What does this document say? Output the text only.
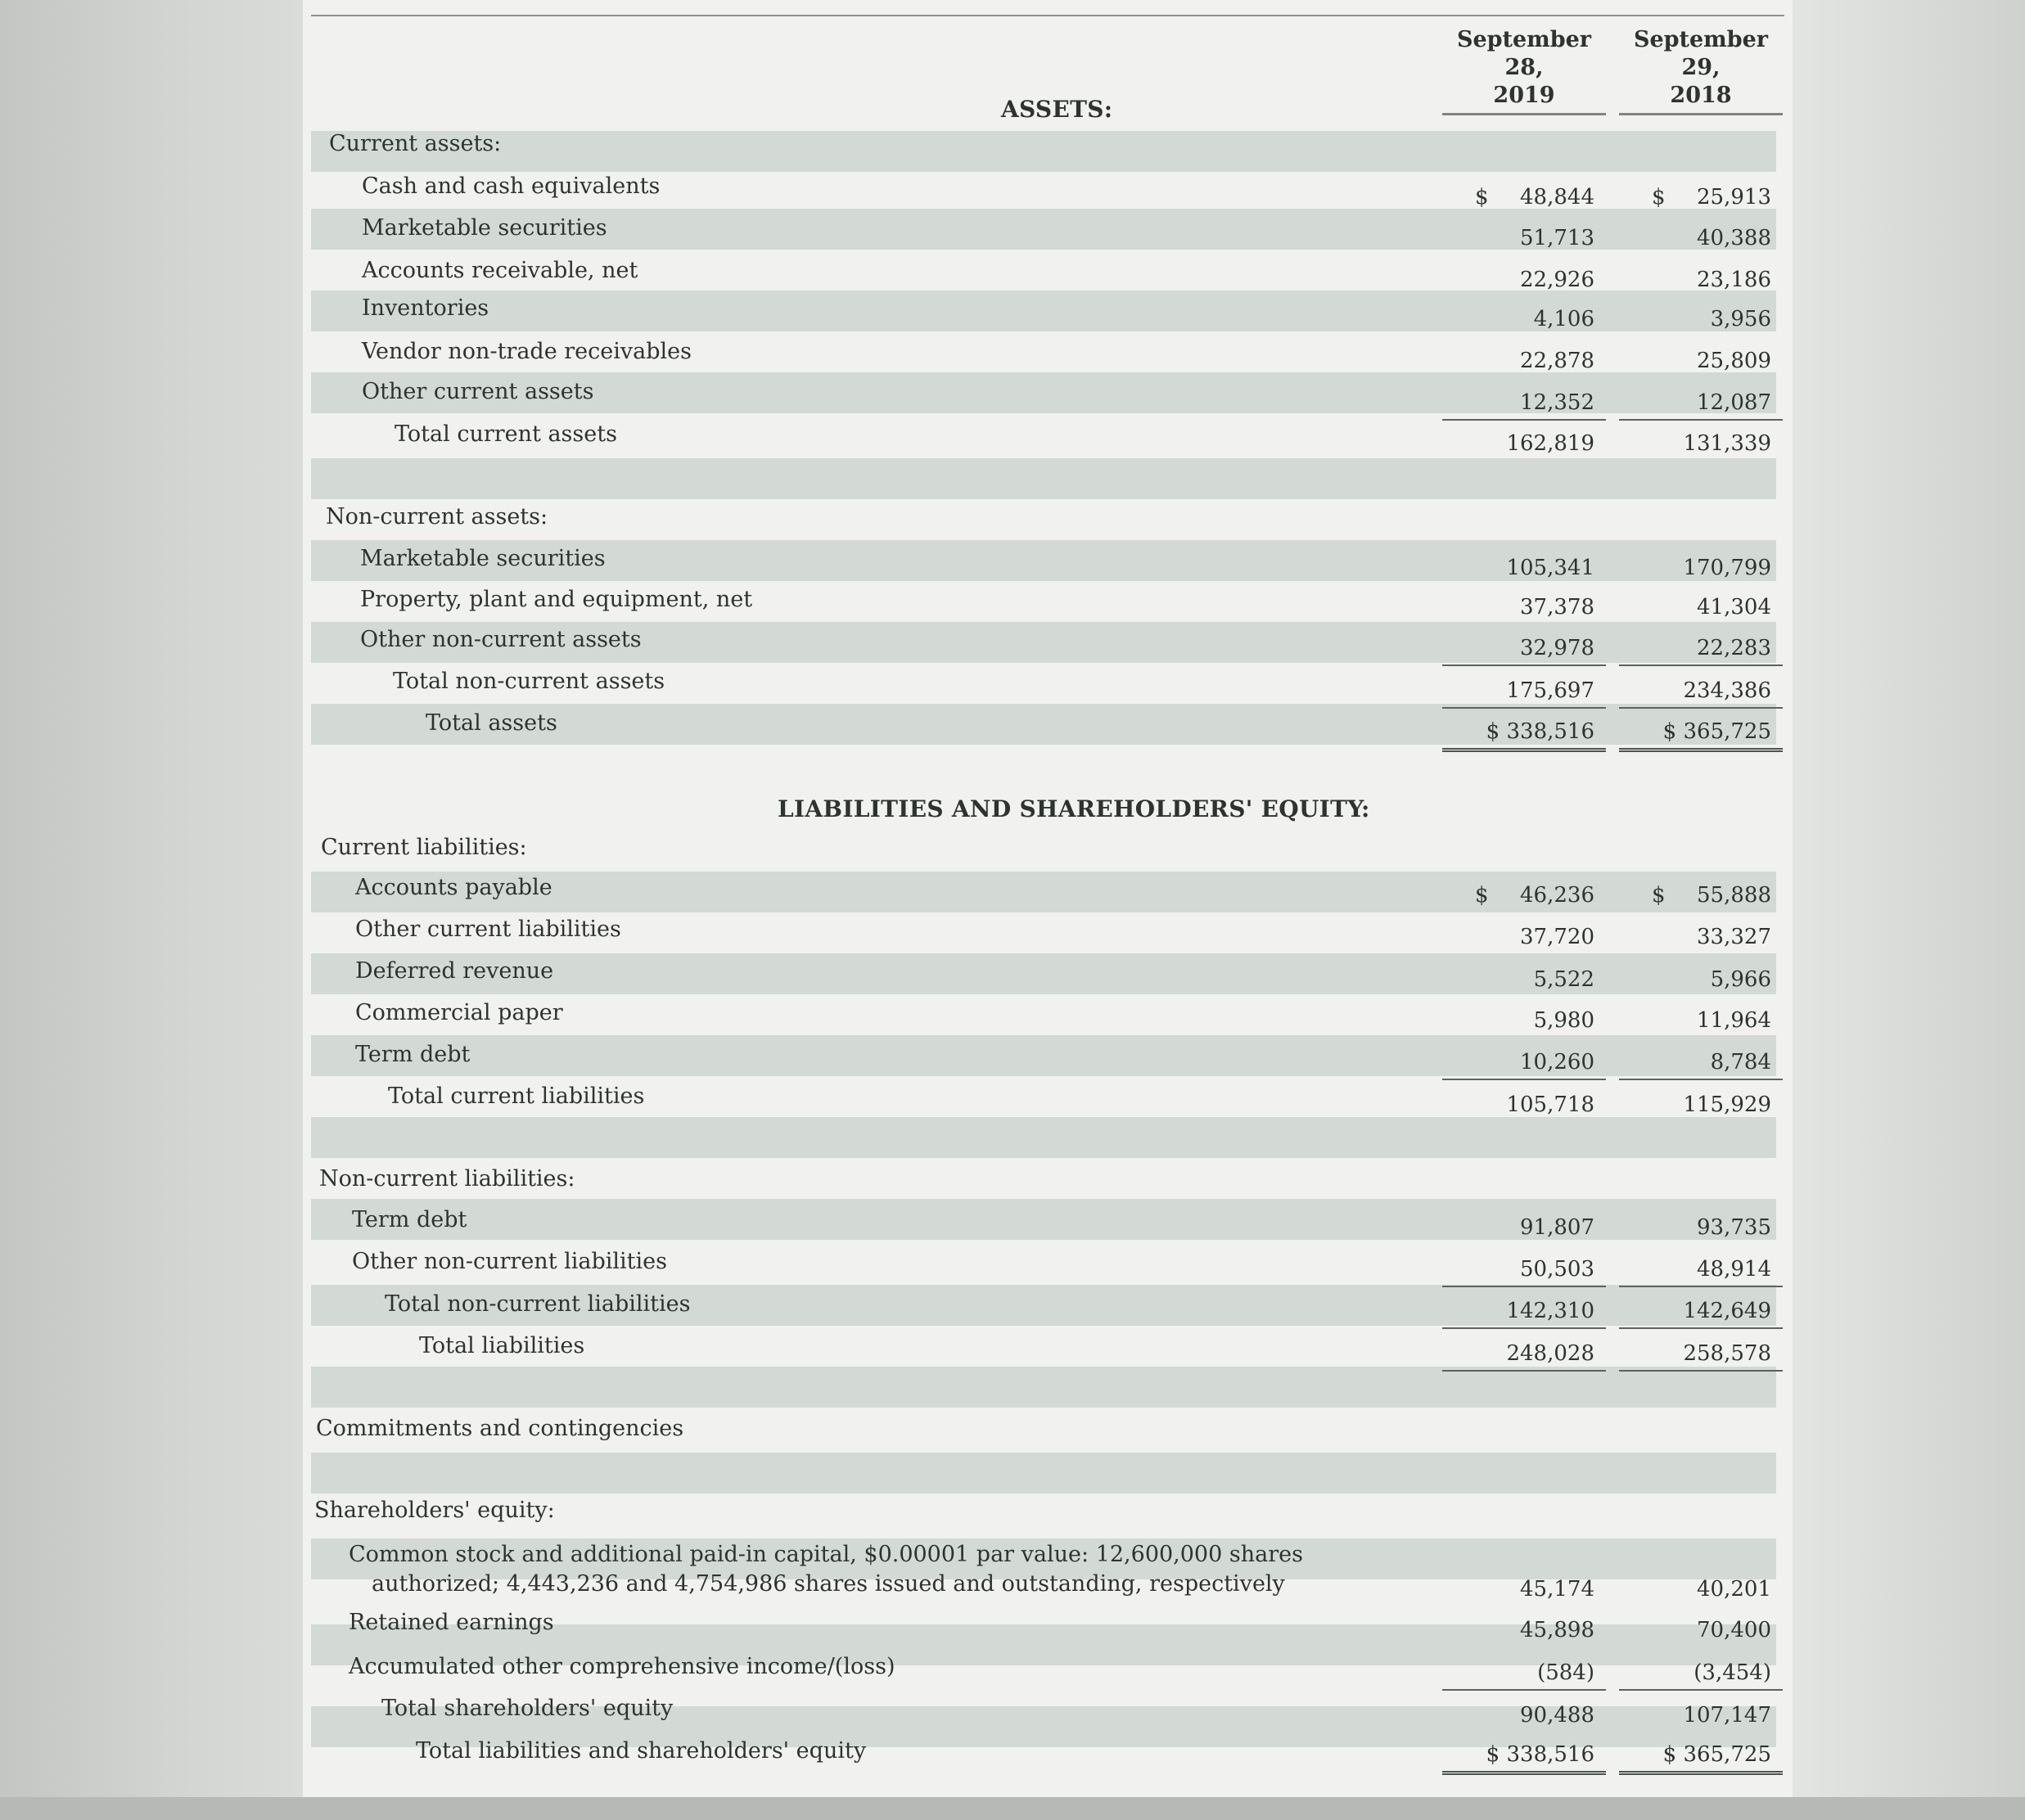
September 28,
2019
September 29,
2018
ASSETS:
LIABILITIES AND SHAREHOLDERS' EQUITY:
Current assets:
Cash and cash equivalents	$ 48,844	$ 25,913
Marketable securities	51,713	40,388
Accounts receivable, net	22,926	23,186
Inventories	4,106	3,956
Vendor non-trade receivables	22,878	25,809
Other current assets	12,352	12,087
Total current assets	162,819	131,339
Non-current assets:
Marketable securities	105,341	170,799
Property, plant and equipment, net	37,378	41,304
Other non-current assets	32,978	22,283
Total non-current assets	175,697	234,386
Total assets	$ 338,516	$ 365,725
Current liabilities:
Accounts payable	$ 46,236	$ 55,888
Other current liabilities	37,720	33,327
Deferred revenue	5,522	5,966
Commercial paper	5,980	11,964
Term debt	10,260	8,784
Total current liabilities	105,718	115,929
Non-current liabilities:
Term debt	91,807	93,735
Other non-current liabilities	50,503	48,914
Total non-current liabilities	142,310	142,649
Total liabilities	248,028	258,578
Commitments and contingencies
Shareholders' equity:
Common stock and additional paid-in capital, $0.00001 par value: 12,600,000 shares
authorized; 4,443,236 and 4,754,986 shares issued and outstanding, respectively	45,174	40,201
Retained earnings	45,898	70,400
Accumulated other comprehensive income/(loss)	(584)	(3,454)
Total shareholders' equity	90,488	107,147
Total liabilities and shareholders' equity	$ 338,516	$ 365,725
